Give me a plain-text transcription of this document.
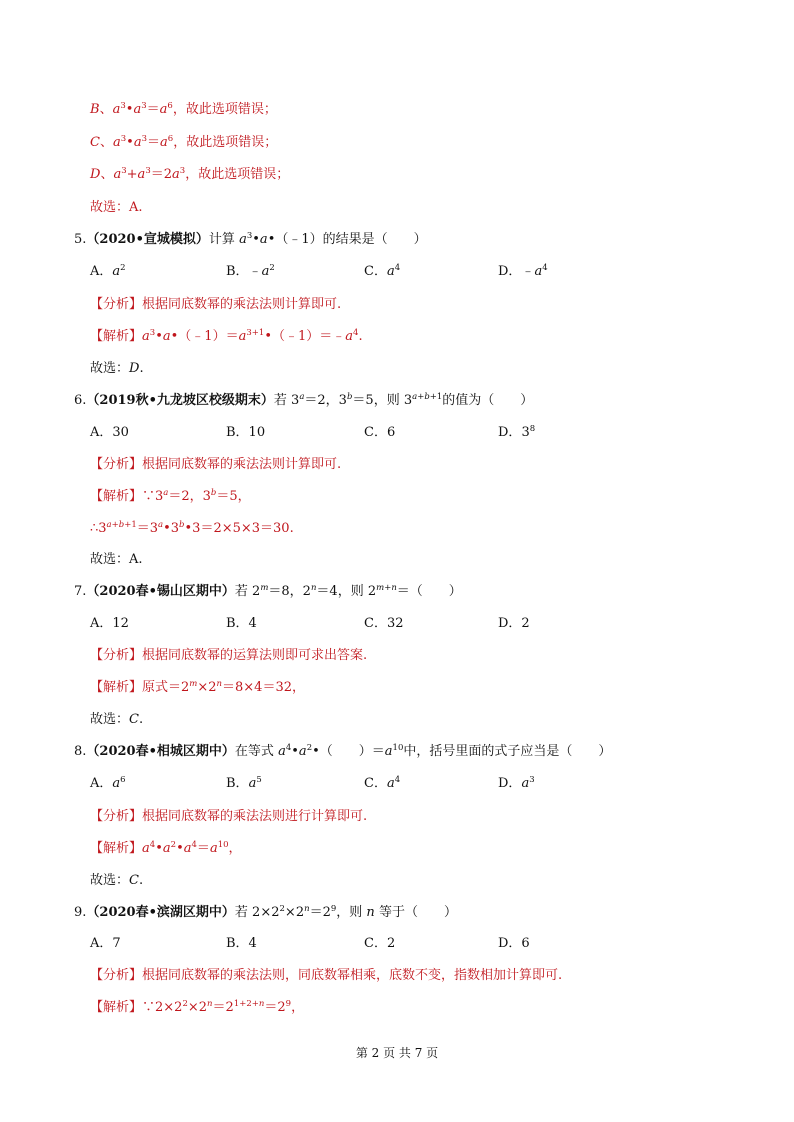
B、$a^3•a^3=a^6$，故此选项错误；
C、$a^3•a^3=a^6$，故此选项错误；
D、$a^3+a^3=2a^3$，故此选项错误；
故选：A.
5.（2020•宣城模拟）计算 $a^3•a•(﹣1)$的结果是（　　）
A．$a^2$	B．$﹣a^2$	C．$a^4$	D．$﹣a^4$
【分析】根据同底数幂的乘法法则计算即可.
【解析】$a^3•a•(﹣1)=a^{3+1}•(﹣1)=﹣a^4$.
故选：D.
6.（2019秋•九龙坡区校级期末）若 $3^a=2$，$3^b=5$，则 $3^{a+b+1}$的值为（　　）
A．30	B．10	C．6	D．$3^8$
【分析】根据同底数幂的乘法法则计算即可.
【解析】$\because 3^a=2$，$3^b=5$，
$\therefore 3^{a+b+1}=3^a•3^b•3=2\times 5\times 3=30$.
故选：A.
7.（2020春•锡山区期中）若 $2^m=8$，$2^n=4$，则 $2^{m+n}=$（　　）
A．12	B．4	C．32	D．2
【分析】根据同底数幂的运算法则即可求出答案.
【解析】原式$=2^m\times 2^n=8\times 4=32$，
故选：C.
8.（2020春•相城区期中）在等式 $a^4•a^2•$（　　）$=a^{10}$中，括号里面的式子应当是（　　）
A．$a^6$	B．$a^5$	C．$a^4$	D．$a^3$
【分析】根据同底数幂的乘法法则进行计算即可.
【解析】$a^4•a^2•a^4=a^{10}$，
故选：C.
9.（2020春•滨湖区期中）若 $2\times 2^2\times 2^n=2^9$，则 n 等于（　　）
A．7	B．4	C．2	D．6
【分析】根据同底数幂的乘法法则，同底数幂相乘，底数不变，指数相加计算即可.
【解析】$\because 2\times 2^2\times 2^n=2^{1+2+n}=2^9$，
第 2 页 共 7 页
